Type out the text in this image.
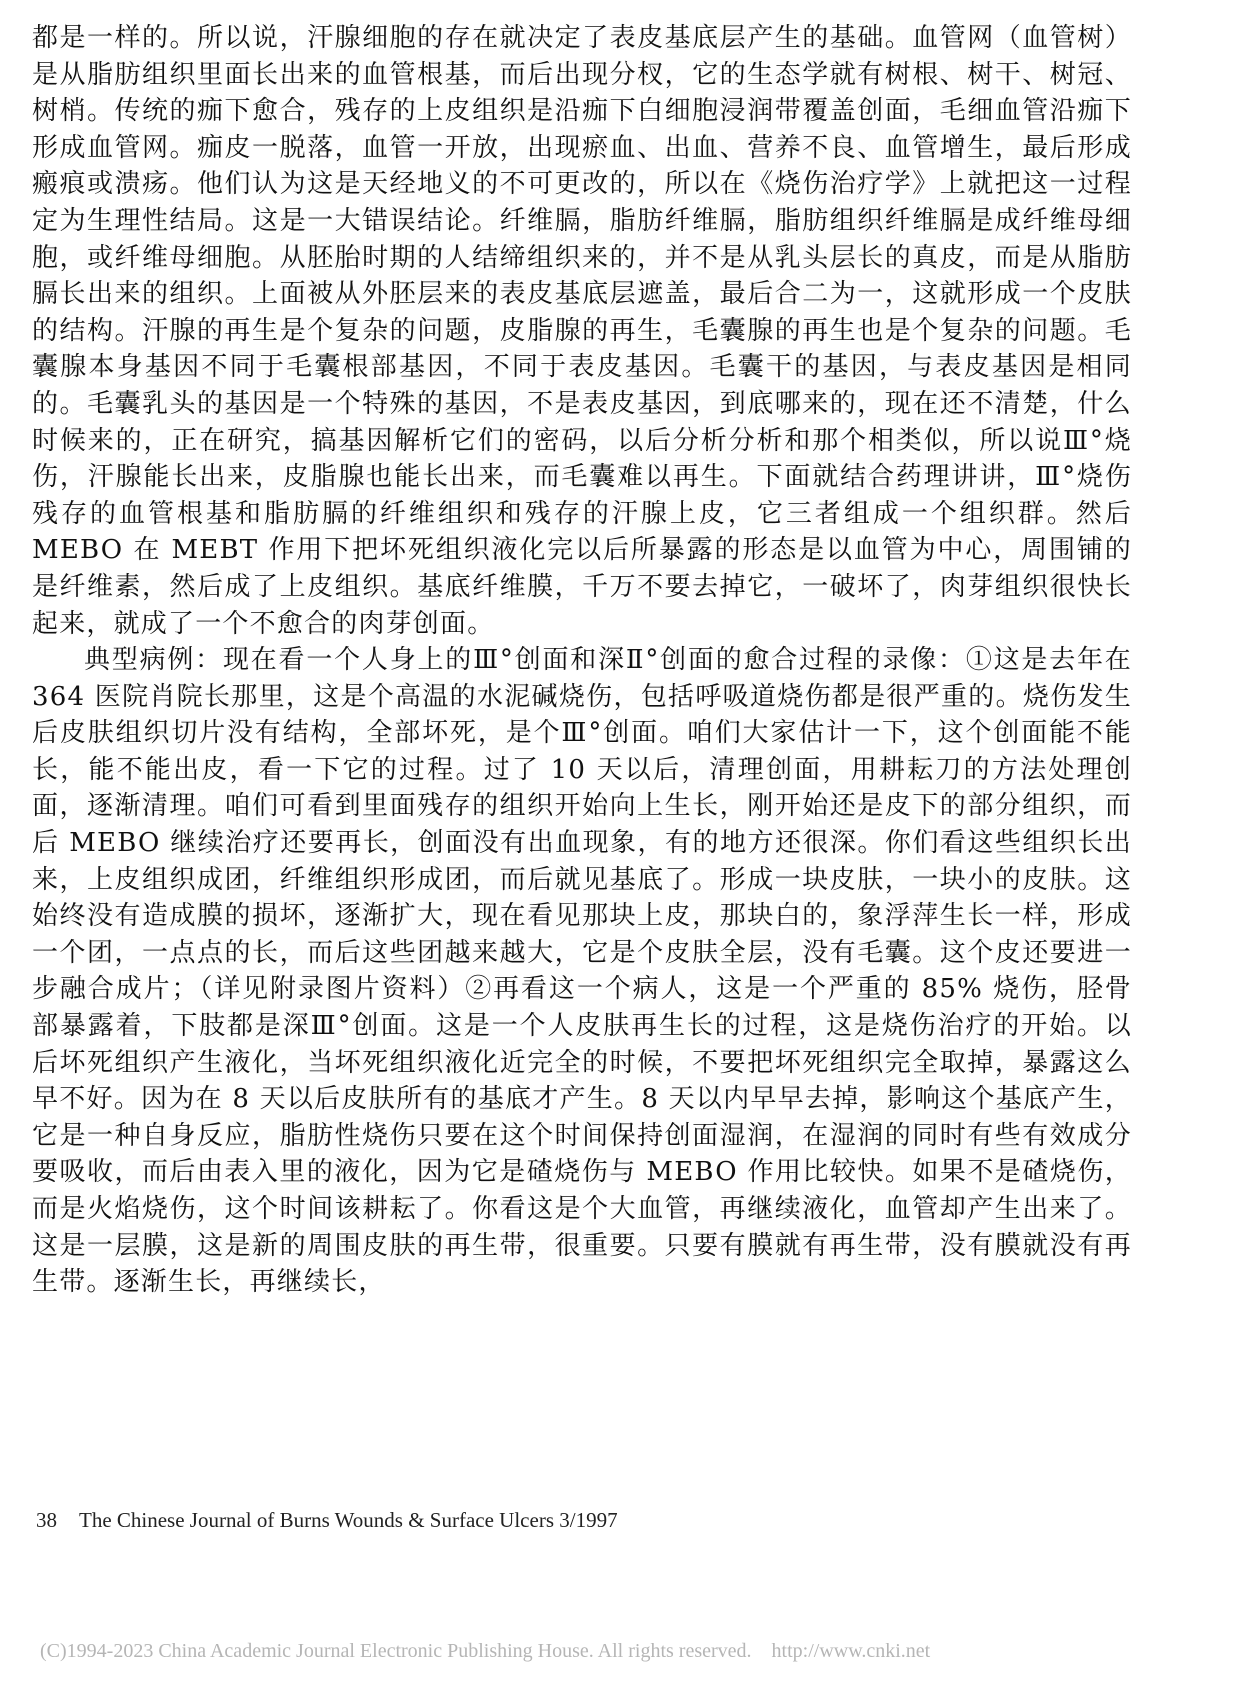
都是一样的。所以说，汗腺细胞的存在就决定了表皮基底层产生的基础。血管网（血管树）是从脂肪组织里面长出来的血管根基，而后出现分杈，它的生态学就有树根、树干、树冠、树梢。传统的痂下愈合，残存的上皮组织是沿痂下白细胞浸润带覆盖创面，毛细血管沿痂下形成血管网。痂皮一脱落，血管一开放，出现瘀血、出血、营养不良、血管增生，最后形成瘢痕或溃疡。他们认为这是天经地义的不可更改的，所以在《烧伤治疗学》上就把这一过程定为生理性结局。这是一大错误结论。纤维膈，脂肪纤维膈，脂肪组织纤维膈是成纤维母细胞，或纤维母细胞。从胚胎时期的人结缔组织来的，并不是从乳头层长的真皮，而是从脂肪膈长出来的组织。上面被从外胚层来的表皮基底层遮盖，最后合二为一，这就形成一个皮肤的结构。汗腺的再生是个复杂的问题，皮脂腺的再生，毛囊腺的再生也是个复杂的问题。毛囊腺本身基因不同于毛囊根部基因，不同于表皮基因。毛囊干的基因，与表皮基因是相同的。毛囊乳头的基因是一个特殊的基因，不是表皮基因，到底哪来的，现在还不清楚，什么时候来的，正在研究，搞基因解析它们的密码，以后分析分析和那个相类似，所以说Ⅲ°烧伤，汗腺能长出来，皮脂腺也能长出来，而毛囊难以再生。下面就结合药理讲讲，Ⅲ°烧伤残存的血管根基和脂肪膈的纤维组织和残存的汗腺上皮，它三者组成一个组织群。然后 MEBO 在 MEBT 作用下把坏死组织液化完以后所暴露的形态是以血管为中心，周围铺的是纤维素，然后成了上皮组织。基底纤维膜，千万不要去掉它，一破坏了，肉芽组织很快长起来，就成了一个不愈合的肉芽创面。

典型病例：现在看一个人身上的Ⅲ°创面和深Ⅱ°创面的愈合过程的录像：①这是去年在 364 医院肖院长那里，这是个高温的水泥碱烧伤，包括呼吸道烧伤都是很严重的。烧伤发生后皮肤组织切片没有结构，全部坏死，是个Ⅲ°创面。咱们大家估计一下，这个创面能不能长，能不能出皮，看一下它的过程。过了 10 天以后，清理创面，用耕耘刀的方法处理创面，逐渐清理。咱们可看到里面残存的组织开始向上生长，刚开始还是皮下的部分组织，而后 MEBO 继续治疗还要再长，创面没有出血现象，有的地方还很深。你们看这些组织长出来，上皮组织成团，纤维组织形成团，而后就见基底了。形成一块皮肤，一块小的皮肤。这始终没有造成膜的损坏，逐渐扩大，现在看见那块上皮，那块白的，象浮萍生长一样，形成一个团，一点点的长，而后这些团越来越大，它是个皮肤全层，没有毛囊。这个皮还要进一步融合成片；（详见附录图片资料）②再看这一个病人，这是一个严重的 85% 烧伤，胫骨部暴露着，下肢都是深Ⅲ°创面。这是一个人皮肤再生长的过程，这是烧伤治疗的开始。以后坏死组织产生液化，当坏死组织液化近完全的时候，不要把坏死组织完全取掉，暴露这么早不好。因为在 8 天以后皮肤所有的基底才产生。8 天以内早早去掉，影响这个基底产生，它是一种自身反应，脂肪性烧伤只要在这个时间保持创面湿润，在湿润的同时有些有效成分要吸收，而后由表入里的液化，因为它是碴烧伤与 MEBO 作用比较快。如果不是碴烧伤，而是火焰烧伤，这个时间该耕耘了。你看这是个大血管，再继续液化，血管却产生出来了。这是一层膜，这是新的周围皮肤的再生带，很重要。只要有膜就有再生带，没有膜就没有再生带。逐渐生长，再继续长，

38 The Chinese Journal of Burns Wounds & Surface Ulcers 3/1997
(C)1994-2023 China Academic Journal Electronic Publishing House. All rights reserved. http://www.cnki.net
